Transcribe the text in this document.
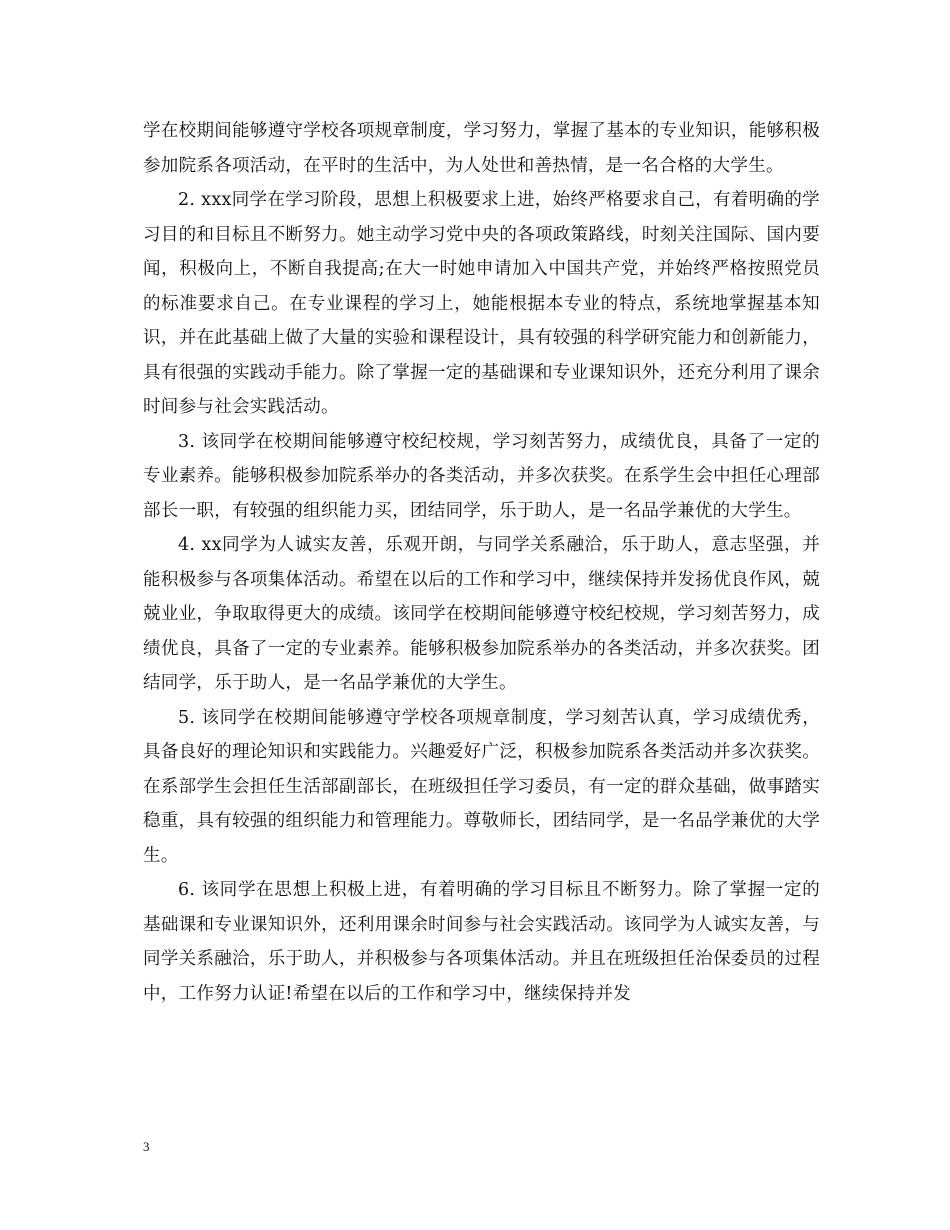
学在校期间能够遵守学校各项规章制度，学习努力，掌握了基本的专业知识，能够积极参加院系各项活动，在平时的生活中，为人处世和善热情，是一名合格的大学生。

2. xxx同学在学习阶段，思想上积极要求上进，始终严格要求自己，有着明确的学习目的和目标且不断努力。她主动学习党中央的各项政策路线，时刻关注国际、国内要闻，积极向上，不断自我提高;在大一时她申请加入中国共产党，并始终严格按照党员的标准要求自己。在专业课程的学习上，她能根据本专业的特点，系统地掌握基本知识，并在此基础上做了大量的实验和课程设计，具有较强的科学研究能力和创新能力，具有很强的实践动手能力。除了掌握一定的基础课和专业课知识外，还充分利用了课余时间参与社会实践活动。

3. 该同学在校期间能够遵守校纪校规，学习刻苦努力，成绩优良，具备了一定的专业素养。能够积极参加院系举办的各类活动，并多次获奖。在系学生会中担任心理部部长一职，有较强的组织能力买，团结同学，乐于助人，是一名品学兼优的大学生。

4. xx同学为人诚实友善，乐观开朗，与同学关系融洽，乐于助人，意志坚强，并能积极参与各项集体活动。希望在以后的工作和学习中，继续保持并发扬优良作风，兢兢业业，争取取得更大的成绩。该同学在校期间能够遵守校纪校规，学习刻苦努力，成绩优良，具备了一定的专业素养。能够积极参加院系举办的各类活动，并多次获奖。团结同学，乐于助人，是一名品学兼优的大学生。

5. 该同学在校期间能够遵守学校各项规章制度，学习刻苦认真，学习成绩优秀，具备良好的理论知识和实践能力。兴趣爱好广泛，积极参加院系各类活动并多次获奖。在系部学生会担任生活部副部长，在班级担任学习委员，有一定的群众基础，做事踏实稳重，具有较强的组织能力和管理能力。尊敬师长，团结同学，是一名品学兼优的大学生。

6. 该同学在思想上积极上进，有着明确的学习目标且不断努力。除了掌握一定的基础课和专业课知识外，还利用课余时间参与社会实践活动。该同学为人诚实友善，与同学关系融洽，乐于助人，并积极参与各项集体活动。并且在班级担任治保委员的过程中，工作努力认证!希望在以后的工作和学习中，继续保持并发

3
